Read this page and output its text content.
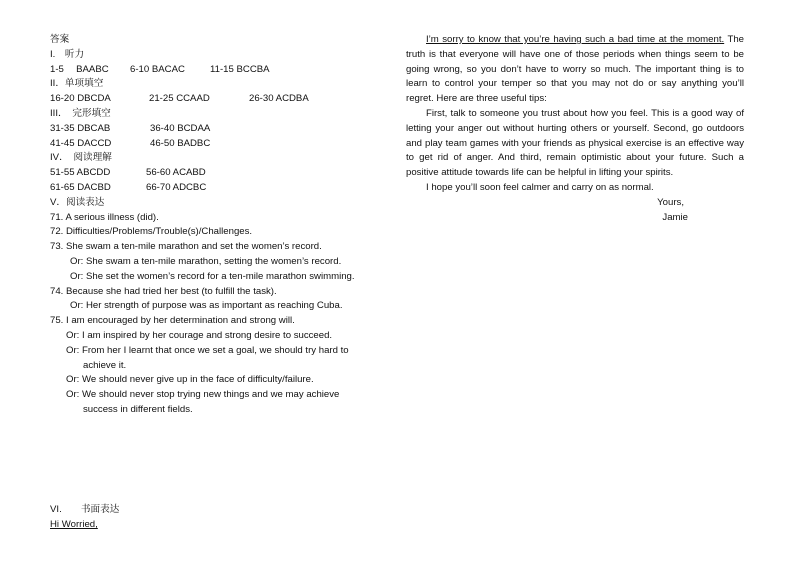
答案
I.　听力
1-5　 BAABC 6-10 BACAC	11-15 BCCBA
II．单项填空
16-20 DBCDA	21-25 CCAAD	26-30 ACDBA
III．　完形填空
31-35 DBCAB	36-40 BCDAA
41-45 DACCD	46-50 BADBC
IV．　阅读理解
51-55 ABCDD	56-60 ACABD
61-65 DACBD	66-70 ADCBC
V．阅读表达
71. A serious illness (did).
72. Difficulties/Problems/Trouble(s)/Challenges.
73. She swam a ten-mile marathon and set the women’s record.
Or: She swam a ten-mile marathon, setting the women’s record.
Or: She set the women’s record for a ten-mile marathon swimming.
74. Because she had tried her best (to fulfill the task).
Or: Her strength of purpose was as important as reaching Cuba.
75. I am encouraged by her determination and strong will.
Or: I am inspired by her courage and strong desire to succeed.
Or: From her I learnt that once we set a goal, we should try hard to
achieve it.
Or: We should never give up in the face of difficulty/failure.
Or: We should never stop trying new things and we may achieve
success in different fields.
VI.　　书面表达
Hi Worried,
I’m sorry to know that you’re having such a bad time at the moment. The truth is that everyone will have one of those periods when things seem to be going wrong, so you don’t have to worry so much. The important thing is to learn to control your temper so that you may not do or say anything you’ll regret. Here are three useful tips:
First, talk to someone you trust about how you feel. This is a good way of letting your anger out without hurting others or yourself. Second, go outdoors and play team games with your friends as physical exercise is an effective way to get rid of anger. And third, remain optimistic about your future. Such a positive attitude towards life can be helpful in lifting your spirits.
I hope you’ll soon feel calmer and carry on as normal.
Yours,
Jamie
